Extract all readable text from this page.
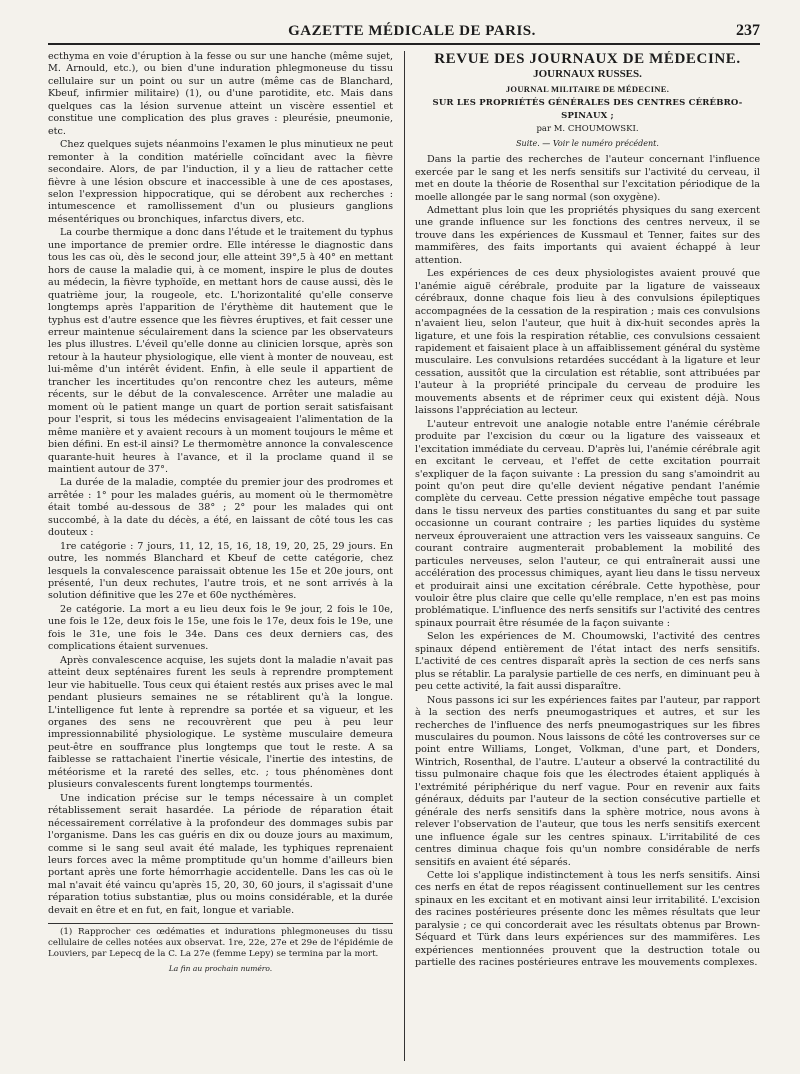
GAZETTE MÉDICALE DE PARIS.	237

ecthyma en voie d'éruption à la fesse ou sur une hanche (même sujet, M. Arnould, etc.), ou bien d'une induration phlegmoneuse du tissu cellulaire sur un point ou sur un autre (même cas de Blanchard, Kbeuf, infirmier militaire) (1), ou d'une parotidite, etc. Mais dans quelques cas la lésion survenue atteint un viscère essentiel et constitue une complication des plus graves : pleurésie, pneumonie, etc.

Chez quelques sujets néanmoins l'examen le plus minutieux ne peut remonter à la condition matérielle coïncidant avec la fièvre secondaire. Alors, de par l'induction, il y a lieu de rattacher cette fièvre à une lésion obscure et inaccessible à une de ces apostases, selon l'expression hippocratique, qui se dérobent aux recherches : intumescence et ramollissement d'un ou plusieurs ganglions mésentériques ou bronchiques, infarctus divers, etc.

La courbe thermique a donc dans l'étude et le traitement du typhus une importance de premier ordre. Elle intéresse le diagnostic dans tous les cas où, dès le second jour, elle atteint 39°,5 à 40° en mettant hors de cause la maladie qui, à ce moment, inspire le plus de doutes au médecin, la fièvre typhoïde, en mettant hors de cause aussi, dès le quatrième jour, la rougeole, etc. L'horizontalité qu'elle conserve longtemps après l'apparition de l'érythème dit hautement que le typhus est d'autre essence que les fièvres éruptives, et fait cesser une erreur maintenue séculairement dans la science par les observateurs les plus illustres. L'éveil qu'elle donne au clinicien lorsque, après son retour à la hauteur physiologique, elle vient à monter de nouveau, est lui-même d'un intérêt évident. Enfin, à elle seule il appartient de trancher les incertitudes qu'on rencontre chez les auteurs, même récents, sur le début de la convalescence. Arrêter une maladie au moment où le patient mange un quart de portion serait satisfaisant pour l'esprit, si tous les médecins envisageaient l'alimentation de la même manière et y avaient recours à un moment toujours le même et bien défini. En est-il ainsi? Le thermomètre annonce la convalescence quarante-huit heures à l'avance, et il la proclame quand il se maintient autour de 37°.

La durée de la maladie, comptée du premier jour des prodromes et arrêtée : 1° pour les malades guéris, au moment où le thermomètre était tombé au-dessous de 38° ; 2° pour les malades qui ont succombé, à la date du décès, a été, en laissant de côté tous les cas douteux :

1re catégorie : 7 jours, 11, 12, 15, 16, 18, 19, 20, 25, 29 jours. En outre, les nommés Blanchard et Kbeuf de cette catégorie, chez lesquels la convalescence paraissait obtenue les 15e et 20e jours, ont présenté, l'un deux rechutes, l'autre trois, et ne sont arrivés à la solution définitive que les 27e et 60e nycthémères.

2e catégorie. La mort a eu lieu deux fois le 9e jour, 2 fois le 10e, une fois le 12e, deux fois le 15e, une fois le 17e, deux fois le 19e, une fois le 31e, une fois le 34e. Dans ces deux derniers cas, des complications étaient survenues.

Après convalescence acquise, les sujets dont la maladie n'avait pas atteint deux septénaires furent les seuls à reprendre promptement leur vie habituelle. Tous ceux qui étaient restés aux prises avec le mal pendant plusieurs semaines ne se rétablirent qu'à la longue. L'intelligence fut lente à reprendre sa portée et sa vigueur, et les organes des sens ne recouvrèrent que peu à peu leur impressionnabilité physiologique. Le système musculaire demeura peut-être en souffrance plus longtemps que tout le reste. A sa faiblesse se rattachaient l'inertie vésicale, l'inertie des intestins, de météorisme et la rareté des selles, etc. ; tous phénomènes dont plusieurs convalescents furent longtemps tourmentés.

Une indication précise sur le temps nécessaire à un complet rétablissement serait hasardée. La période de réparation était nécessairement corrélative à la profondeur des dommages subis par l'organisme. Dans les cas guéris en dix ou douze jours au maximum, comme si le sang seul avait été malade, les typhiques reprenaient leurs forces avec la même promptitude qu'un homme d'ailleurs bien portant après une forte hémorrhagie accidentelle. Dans les cas où le mal n'avait été vaincu qu'après 15, 20, 30, 60 jours, il s'agissait d'une réparation totius substantiæ, plus ou moins considérable, et la durée devait en être et en fut, en fait, longue et variable.

(1) Rapprocher ces œdématies et indurations phlegmoneuses du tissu cellulaire de celles notées aux observat. 1re, 22e, 27e et 29e de l'épidémie de Louviers, par Lepecq de la C. La 27e (femme Lepy) se termina par la mort.

La fin au prochain numéro.
REVUE DES JOURNAUX DE MÉDECINE.
JOURNAUX RUSSES.
JOURNAL MILITAIRE DE MÉDECINE.
SUR LES PROPRIÉTÉS GÉNÉRALES DES CENTRES CÉRÉBRO-SPINAUX ;
par M. CHOUMOWSKI.
Suite. — Voir le numéro précédent.

Dans la partie des recherches de l'auteur concernant l'influence exercée par le sang et les nerfs sensitifs sur l'activité du cerveau, il met en doute la théorie de Rosenthal sur l'excitation périodique de la moelle allongée par le sang normal (son oxygène).

Admettant plus loin que les propriétés physiques du sang exercent une grande influence sur les fonctions des centres nerveux, il se trouve dans les expériences de Kussmaul et Tenner, faites sur des mammifères, des faits importants qui avaient échappé à leur attention.

Les expériences de ces deux physiologistes avaient prouvé que l'anémie aiguë cérébrale, produite par la ligature de vaisseaux cérébraux, donne chaque fois lieu à des convulsions épileptiques accompagnées de la cessation de la respiration ; mais ces convulsions n'avaient lieu, selon l'auteur, que huit à dix-huit secondes après la ligature, et une fois la respiration rétablie, ces convulsions cessaient rapidement et faisaient place à un affaiblissement général du système musculaire. Les convulsions retardées succédant à la ligature et leur cessation, aussitôt que la circulation est rétablie, sont attribuées par l'auteur à la propriété principale du cerveau de produire les mouvements absents et de réprimer ceux qui existent déjà. Nous laissons l'appréciation au lecteur.

L'auteur entrevoit une analogie notable entre l'anémie cérébrale produite par l'excision du cœur ou la ligature des vaisseaux et l'excitation immédiate du cerveau. D'après lui, l'anémie cérébrale agit en excitant le cerveau, et l'effet de cette excitation pourrait s'expliquer de la façon suivante : La pression du sang s'amoindrit au point qu'on peut dire qu'elle devient négative pendant l'anémie complète du cerveau. Cette pression négative empêche tout passage dans le tissu nerveux des parties constituantes du sang et par suite occasionne un courant contraire ; les parties liquides du système nerveux éprouveraient une attraction vers les vaisseaux sanguins. Ce courant contraire augmenterait probablement la mobilité des particules nerveuses, selon l'auteur, ce qui entraînerait aussi une accélération des processus chimiques, ayant lieu dans le tissu nerveux et produirait ainsi une excitation cérébrale. Cette hypothèse, pour vouloir être plus claire que celle qu'elle remplace, n'en est pas moins problématique. L'influence des nerfs sensitifs sur l'activité des centres spinaux pourrait être résumée de la façon suivante :

Selon les expériences de M. Choumowski, l'activité des centres spinaux dépend entièrement de l'état intact des nerfs sensitifs. L'activité de ces centres disparaît après la section de ces nerfs sans plus se rétablir. La paralysie partielle de ces nerfs, en diminuant peu à peu cette activité, la fait aussi disparaître.

Nous passons ici sur les expériences faites par l'auteur, par rapport à la section des nerfs pneumogastriques et autres, et sur les recherches de l'influence des nerfs pneumogastriques sur les fibres musculaires du poumon. Nous laissons de côté les controverses sur ce point entre Williams, Longet, Volkman, d'une part, et Donders, Wintrich, Rosenthal, de l'autre. L'auteur a observé la contractilité du tissu pulmonaire chaque fois que les électrodes étaient appliqués à l'extrémité périphérique du nerf vague. Pour en revenir aux faits généraux, déduits par l'auteur de la section consécutive partielle et générale des nerfs sensitifs dans la sphère motrice, nous avons à relever l'observation de l'auteur, que tous les nerfs sensitifs exercent une influence égale sur les centres spinaux. L'irritabilité de ces centres diminua chaque fois qu'un nombre considérable de nerfs sensitifs en avaient été séparés.

Cette loi s'applique indistinctement à tous les nerfs sensitifs. Ainsi ces nerfs en état de repos réagissent continuellement sur les centres spinaux en les excitant et en motivant ainsi leur irritabilité. L'excision des racines postérieures présente donc les mêmes résultats que leur paralysie ; ce qui concorderait avec les résultats obtenus par Brown-Séquard et Türk dans leurs expériences sur des mammifères. Les expériences mentionnées prouvent que la destruction totale ou partielle des racines postérieures entrave les mouvements complexes.
